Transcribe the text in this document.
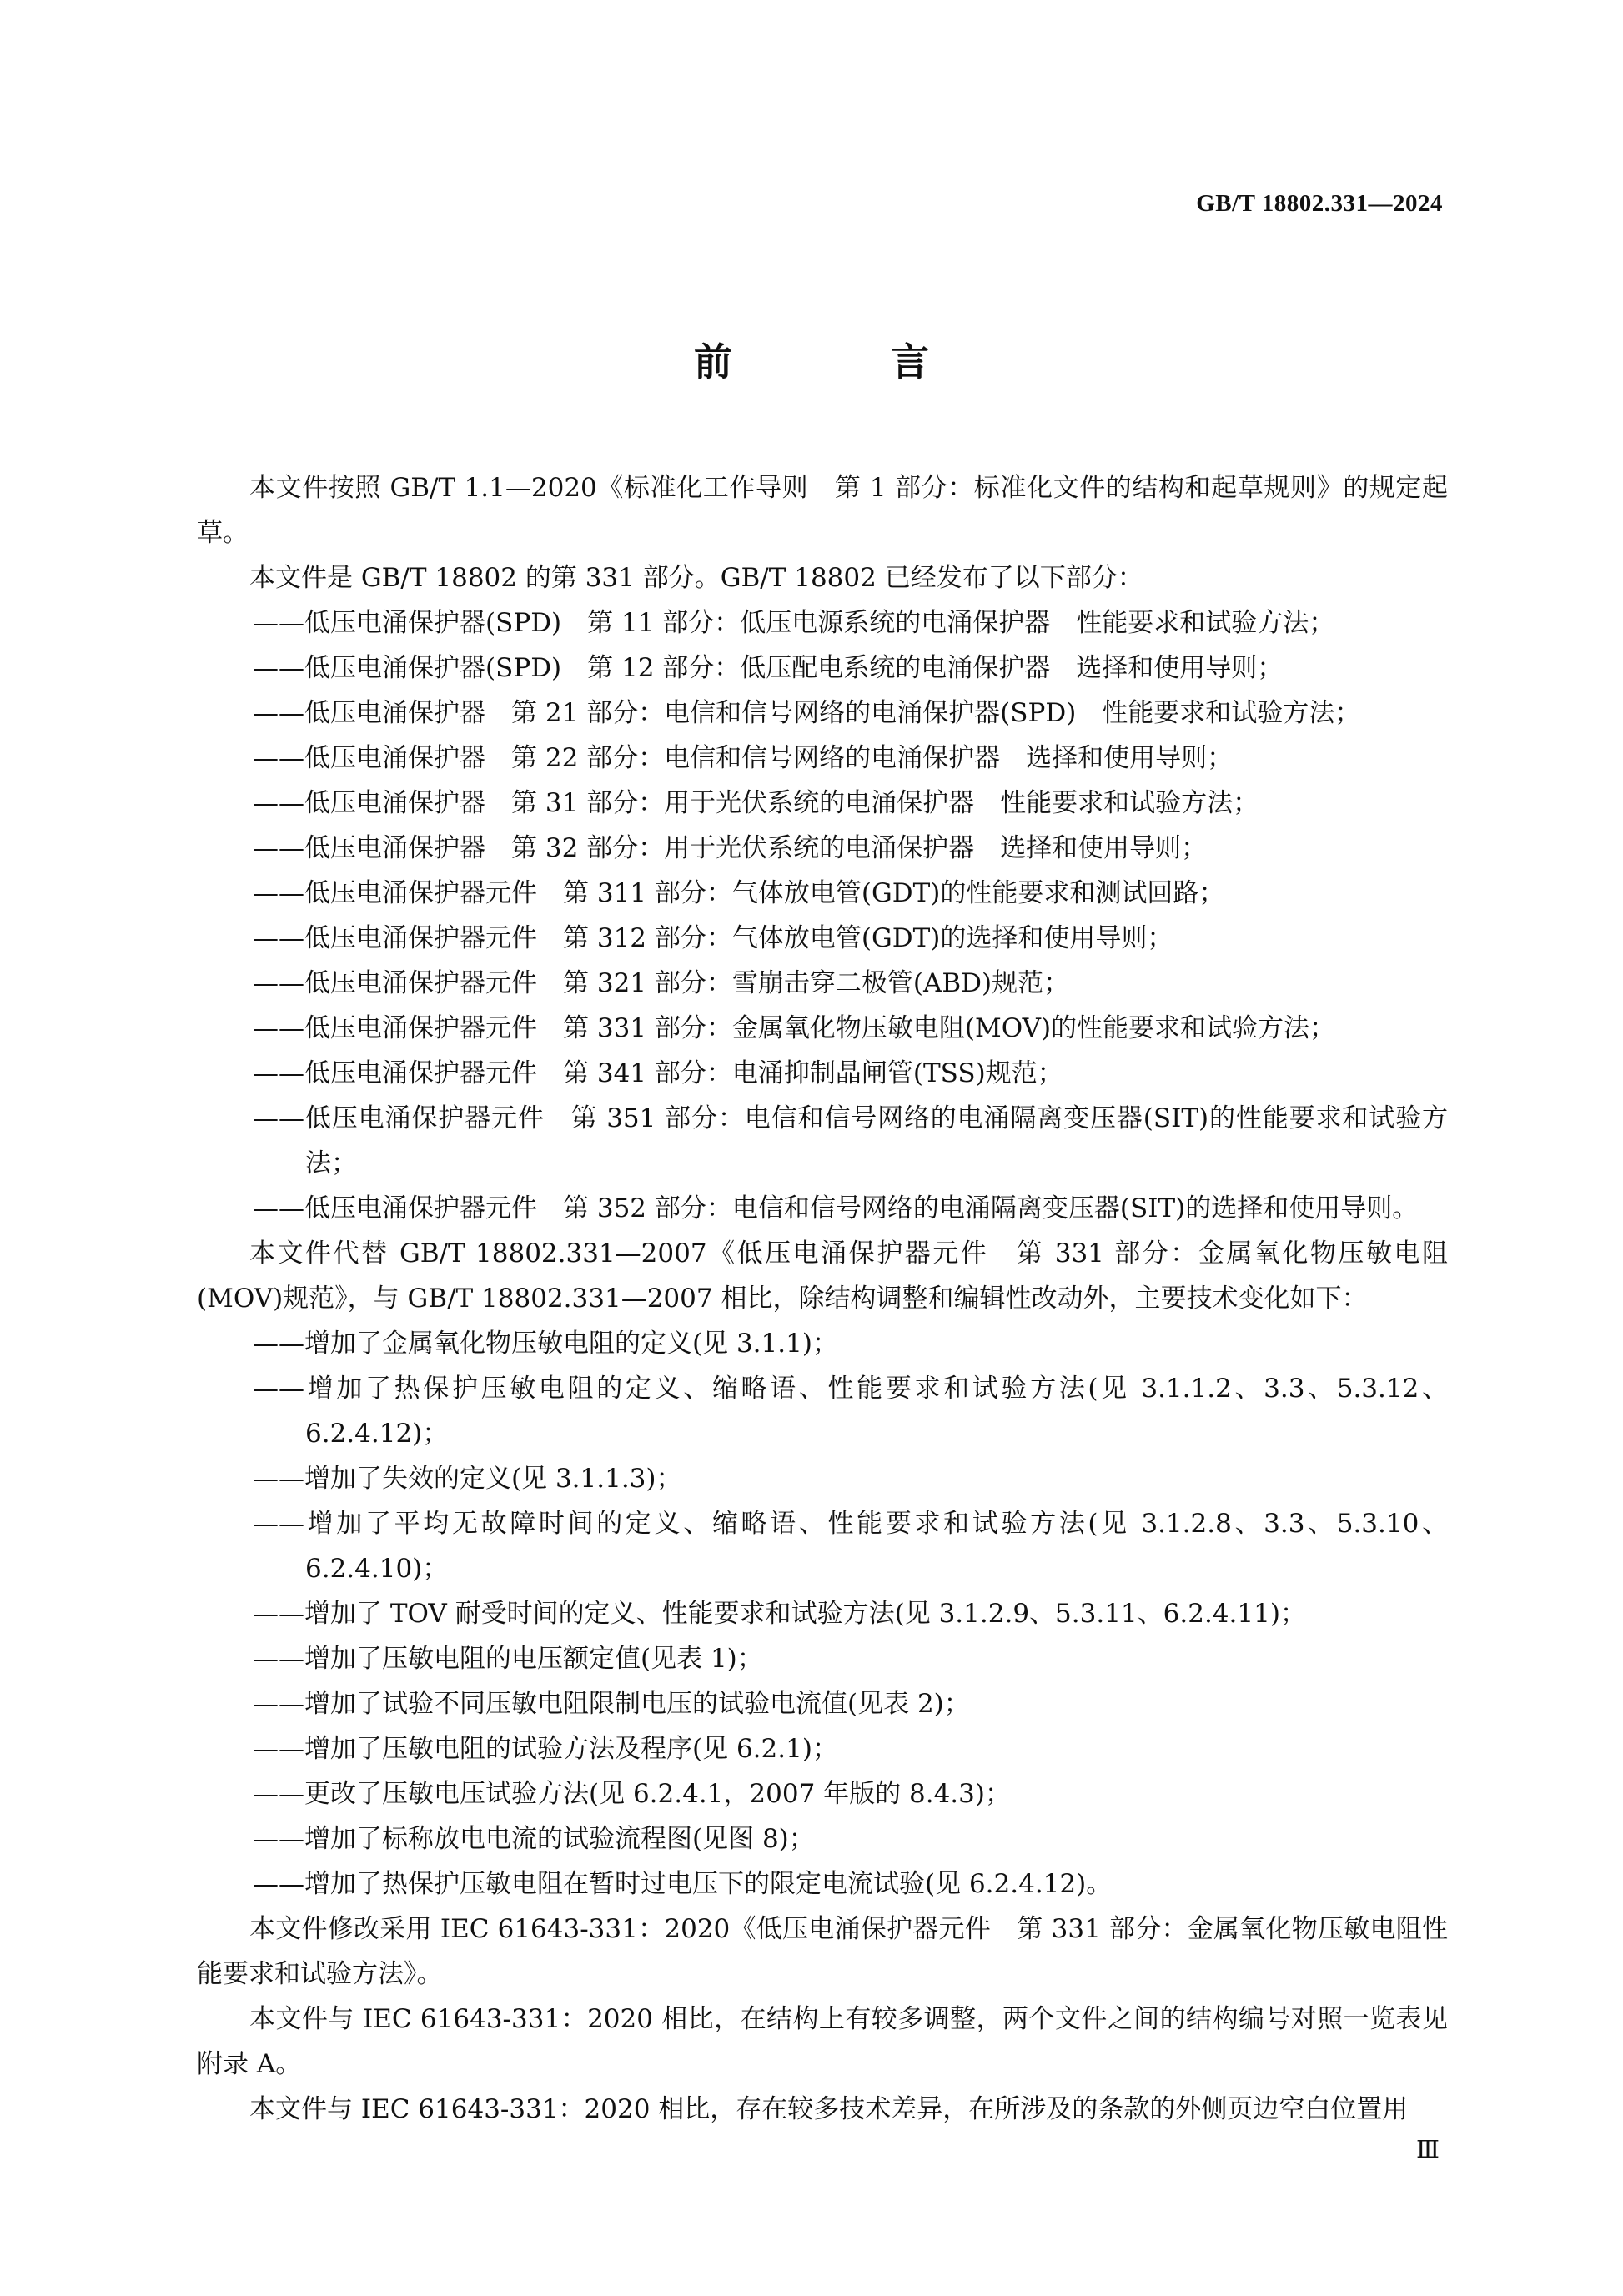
GB/T 18802.331—2024
前　言

本文件按照 GB/T 1.1—2020《标准化工作导则　第 1 部分：标准化文件的结构和起草规则》的规定起草。

本文件是 GB/T 18802 的第 331 部分。GB/T 18802 已经发布了以下部分：

——低压电涌保护器(SPD)　第 11 部分：低压电源系统的电涌保护器　性能要求和试验方法；

——低压电涌保护器(SPD)　第 12 部分：低压配电系统的电涌保护器　选择和使用导则；

——低压电涌保护器　第 21 部分：电信和信号网络的电涌保护器(SPD)　性能要求和试验方法；

——低压电涌保护器　第 22 部分：电信和信号网络的电涌保护器　选择和使用导则；

——低压电涌保护器　第 31 部分：用于光伏系统的电涌保护器　性能要求和试验方法；

——低压电涌保护器　第 32 部分：用于光伏系统的电涌保护器　选择和使用导则；

——低压电涌保护器元件　第 311 部分：气体放电管(GDT)的性能要求和测试回路；

——低压电涌保护器元件　第 312 部分：气体放电管(GDT)的选择和使用导则；

——低压电涌保护器元件　第 321 部分：雪崩击穿二极管(ABD)规范；

——低压电涌保护器元件　第 331 部分：金属氧化物压敏电阻(MOV)的性能要求和试验方法；

——低压电涌保护器元件　第 341 部分：电涌抑制晶闸管(TSS)规范；

——低压电涌保护器元件　第 351 部分：电信和信号网络的电涌隔离变压器(SIT)的性能要求和试验方法；

——低压电涌保护器元件　第 352 部分：电信和信号网络的电涌隔离变压器(SIT)的选择和使用导则。

本文件代替 GB/T 18802.331—2007《低压电涌保护器元件　第 331 部分：金属氧化物压敏电阻(MOV)规范》，与 GB/T 18802.331—2007 相比，除结构调整和编辑性改动外，主要技术变化如下：

——增加了金属氧化物压敏电阻的定义(见 3.1.1)；

——增加了热保护压敏电阻的定义、缩略语、性能要求和试验方法(见 3.1.1.2、3.3、5.3.12、6.2.4.12)；

——增加了失效的定义(见 3.1.1.3)；

——增加了平均无故障时间的定义、缩略语、性能要求和试验方法(见 3.1.2.8、3.3、5.3.10、6.2.4.10)；

——增加了 TOV 耐受时间的定义、性能要求和试验方法(见 3.1.2.9、5.3.11、6.2.4.11)；

——增加了压敏电阻的电压额定值(见表 1)；

——增加了试验不同压敏电阻限制电压的试验电流值(见表 2)；

——增加了压敏电阻的试验方法及程序(见 6.2.1)；

——更改了压敏电压试验方法(见 6.2.4.1，2007 年版的 8.4.3)；

——增加了标称放电电流的试验流程图(见图 8)；

——增加了热保护压敏电阻在暂时过电压下的限定电流试验(见 6.2.4.12)。

本文件修改采用 IEC 61643-331：2020《低压电涌保护器元件　第 331 部分：金属氧化物压敏电阻性能要求和试验方法》。

本文件与 IEC 61643-331：2020 相比，在结构上有较多调整，两个文件之间的结构编号对照一览表见附录 A。

本文件与 IEC 61643-331：2020 相比，存在较多技术差异，在所涉及的条款的外侧页边空白位置用

Ⅲ
